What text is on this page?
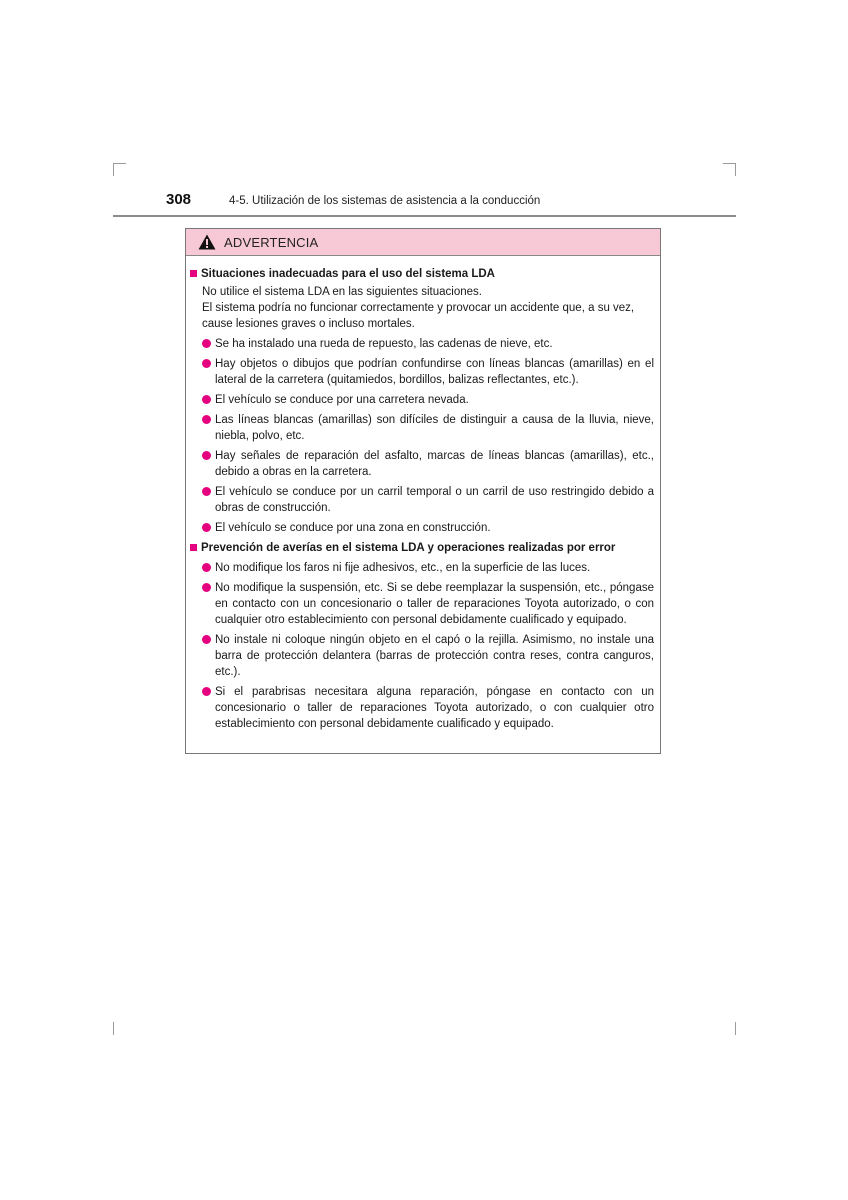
308	4-5. Utilización de los sistemas de asistencia a la conducción
ADVERTENCIA
Situaciones inadecuadas para el uso del sistema LDA
No utilice el sistema LDA en las siguientes situaciones.
El sistema podría no funcionar correctamente y provocar un accidente que, a su vez, cause lesiones graves o incluso mortales.
Se ha instalado una rueda de repuesto, las cadenas de nieve, etc.
Hay objetos o dibujos que podrían confundirse con líneas blancas (amarillas) en el lateral de la carretera (quitamiedos, bordillos, balizas reflectantes, etc.).
El vehículo se conduce por una carretera nevada.
Las líneas blancas (amarillas) son difíciles de distinguir a causa de la lluvia, nieve, niebla, polvo, etc.
Hay señales de reparación del asfalto, marcas de líneas blancas (amarillas), etc., debido a obras en la carretera.
El vehículo se conduce por un carril temporal o un carril de uso restringido debido a obras de construcción.
El vehículo se conduce por una zona en construcción.
Prevención de averías en el sistema LDA y operaciones realizadas por error
No modifique los faros ni fije adhesivos, etc., en la superficie de las luces.
No modifique la suspensión, etc. Si se debe reemplazar la suspensión, etc., póngase en contacto con un concesionario o taller de reparaciones Toyota autorizado, o con cualquier otro establecimiento con personal debidamente cualificado y equipado.
No instale ni coloque ningún objeto en el capó o la rejilla. Asimismo, no instale una barra de protección delantera (barras de protección contra reses, contra canguros, etc.).
Si el parabrisas necesitara alguna reparación, póngase en contacto con un concesionario o taller de reparaciones Toyota autorizado, o con cualquier otro establecimiento con personal debidamente cualificado y equipado.
